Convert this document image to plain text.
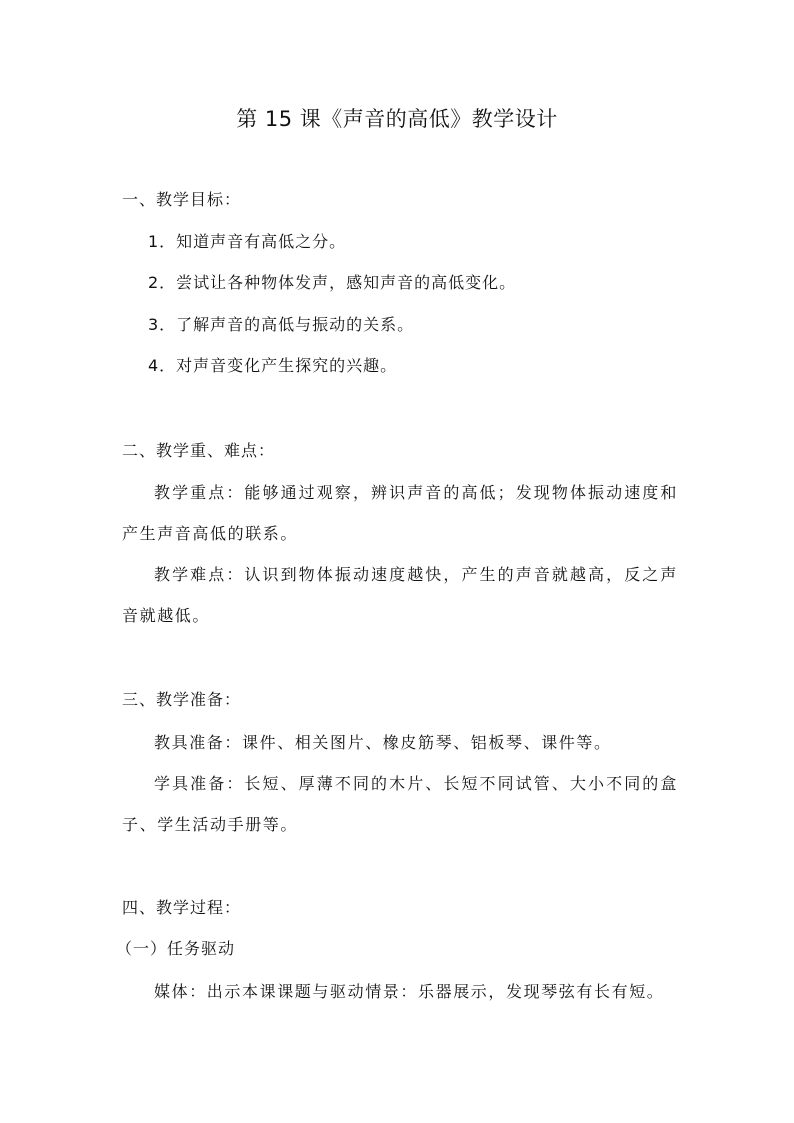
第 15 课《声音的高低》教学设计

一、教学目标：

1．知道声音有高低之分。

2．尝试让各种物体发声，感知声音的高低变化。

3．了解声音的高低与振动的关系。

4．对声音变化产生探究的兴趣。

二、教学重、难点：

教学重点：能够通过观察，辨识声音的高低；发现物体振动速度和产生声音高低的联系。

教学难点：认识到物体振动速度越快，产生的声音就越高，反之声音就越低。

三、教学准备：

教具准备：课件、相关图片、橡皮筋琴、铝板琴、课件等。

学具准备：长短、厚薄不同的木片、长短不同试管、大小不同的盒子、学生活动手册等。

四、教学过程：

（一）任务驱动

媒体：出示本课课题与驱动情景：乐器展示，发现琴弦有长有短。
